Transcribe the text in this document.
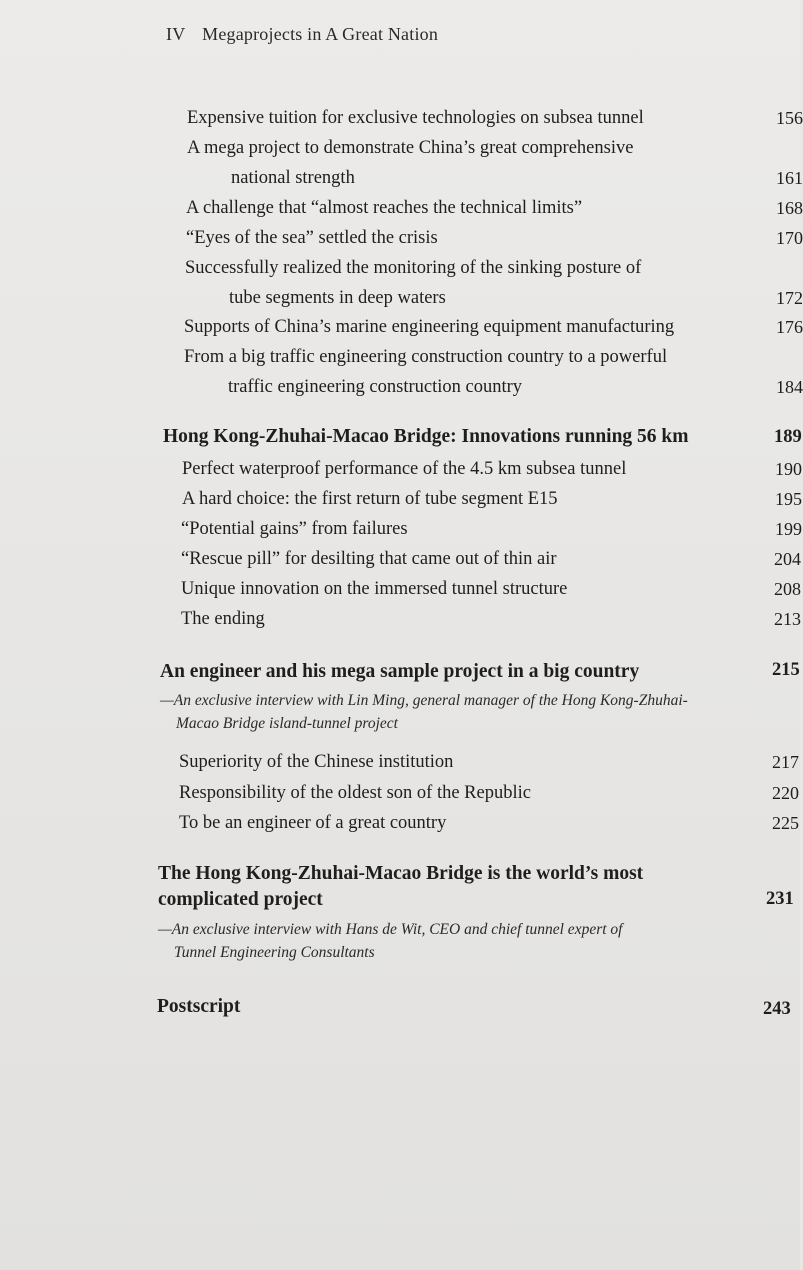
IV Megaprojects in A Great Nation
Expensive tuition for exclusive technologies on subsea tunnel	156
A mega project to demonstrate China’s great comprehensive
national strength	161
A challenge that “almost reaches the technical limits”	168
“Eyes of the sea” settled the crisis	170
Successfully realized the monitoring of the sinking posture of
tube segments in deep waters	172
Supports of China’s marine engineering equipment manufacturing	176
From a big traffic engineering construction country to a powerful
traffic engineering construction country	184
Hong Kong-Zhuhai-Macao Bridge: Innovations running 56 km	189
Perfect waterproof performance of the 4.5 km subsea tunnel	190
A hard choice: the first return of tube segment E15	195
“Potential gains” from failures	199
“Rescue pill” for desilting that came out of thin air	204
Unique innovation on the immersed tunnel structure	208
The ending	213
An engineer and his mega sample project in a big country	215
—An exclusive interview with Lin Ming, general manager of the Hong Kong-Zhuhai-
Macao Bridge island-tunnel project
Superiority of the Chinese institution	217
Responsibility of the oldest son of the Republic	220
To be an engineer of a great country	225
The Hong Kong-Zhuhai-Macao Bridge is the world’s most
complicated project	231
—An exclusive interview with Hans de Wit, CEO and chief tunnel expert of
Tunnel Engineering Consultants
Postscript	243
